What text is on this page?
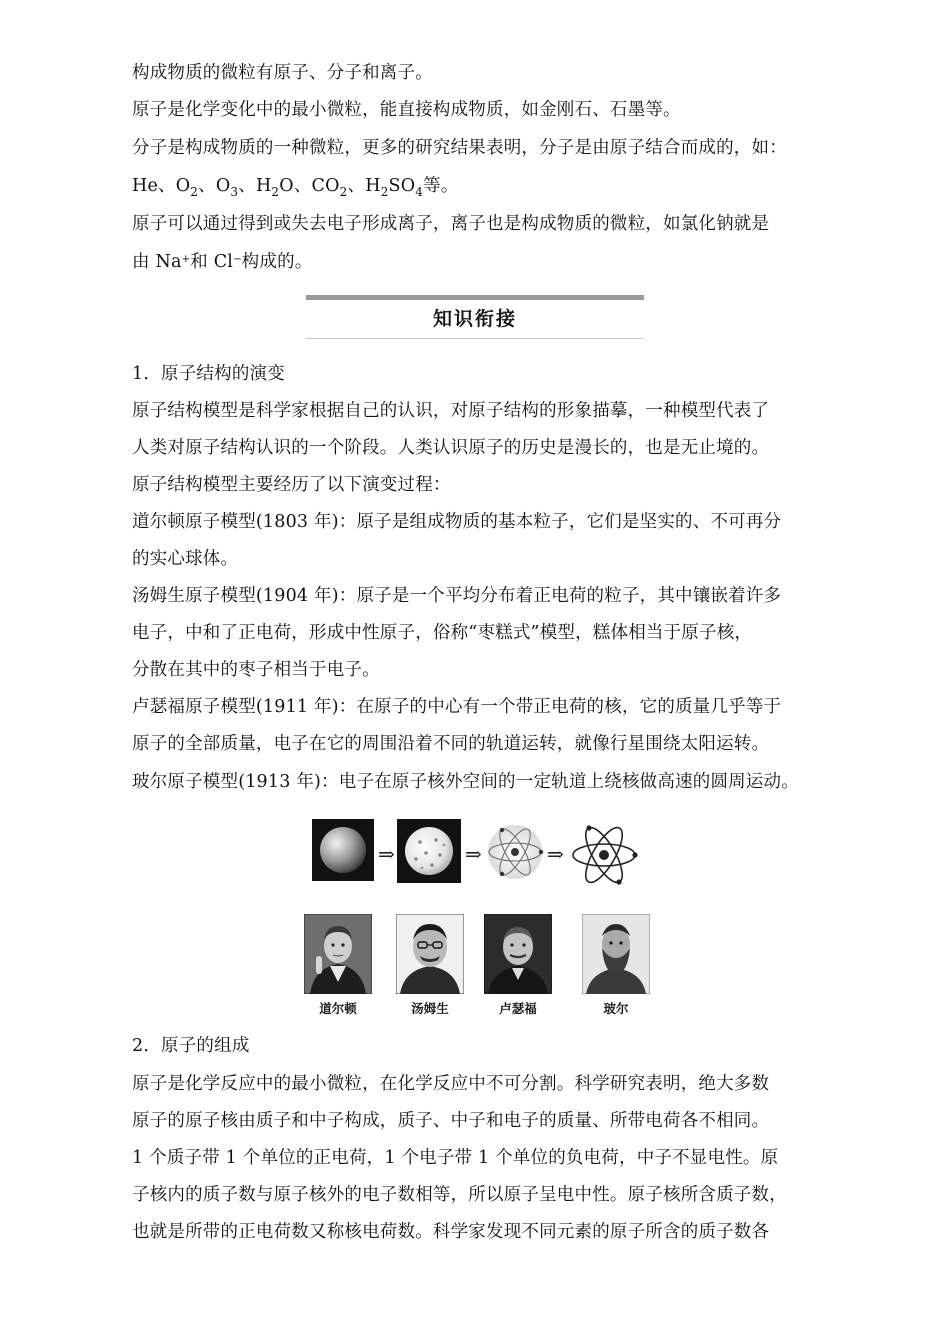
构成物质的微粒有原子、分子和离子。
原子是化学变化中的最小微粒，能直接构成物质，如金刚石、石墨等。
分子是构成物质的一种微粒，更多的研究结果表明，分子是由原子结合而成的，如：
He、$O_2$、$O_3$、$H_2O$、$CO_2$、$H_2SO_4$等。
原子可以通过得到或失去电子形成离子，离子也是构成物质的微粒，如氯化钠就是
由 Na+和 Cl−构成的。
知识衔接
1．原子结构的演变
原子结构模型是科学家根据自己的认识，对原子结构的形象描摹，一种模型代表了
人类对原子结构认识的一个阶段。人类认识原子的历史是漫长的，也是无止境的。
原子结构模型主要经历了以下演变过程：
道尔顿原子模型(1803 年)：原子是组成物质的基本粒子，它们是坚实的、不可再分
的实心球体。
汤姆生原子模型(1904 年)：原子是一个平均分布着正电荷的粒子，其中镶嵌着许多
电子，中和了正电荷，形成中性原子，俗称“枣糕式”模型，糕体相当于原子核，
分散在其中的枣子相当于电子。
卢瑟福原子模型(1911 年)：在原子的中心有一个带正电荷的核，它的质量几乎等于
原子的全部质量，电子在它的周围沿着不同的轨道运转，就像行星围绕太阳运转。
玻尔原子模型(1913 年)：电子在原子核外空间的一定轨道上绕核做高速的圆周运动。
⇒	⇒	⇒
道尔顿	汤姆生	卢瑟福	玻尔
2．原子的组成
原子是化学反应中的最小微粒，在化学反应中不可分割。科学研究表明，绝大多数
原子的原子核由质子和中子构成，质子、中子和电子的质量、所带电荷各不相同。
1 个质子带 1 个单位的正电荷，1 个电子带 1 个单位的负电荷，中子不显电性。原
子核内的质子数与原子核外的电子数相等，所以原子呈电中性。原子核所含质子数，
也就是所带的正电荷数又称核电荷数。科学家发现不同元素的原子所含的质子数各
